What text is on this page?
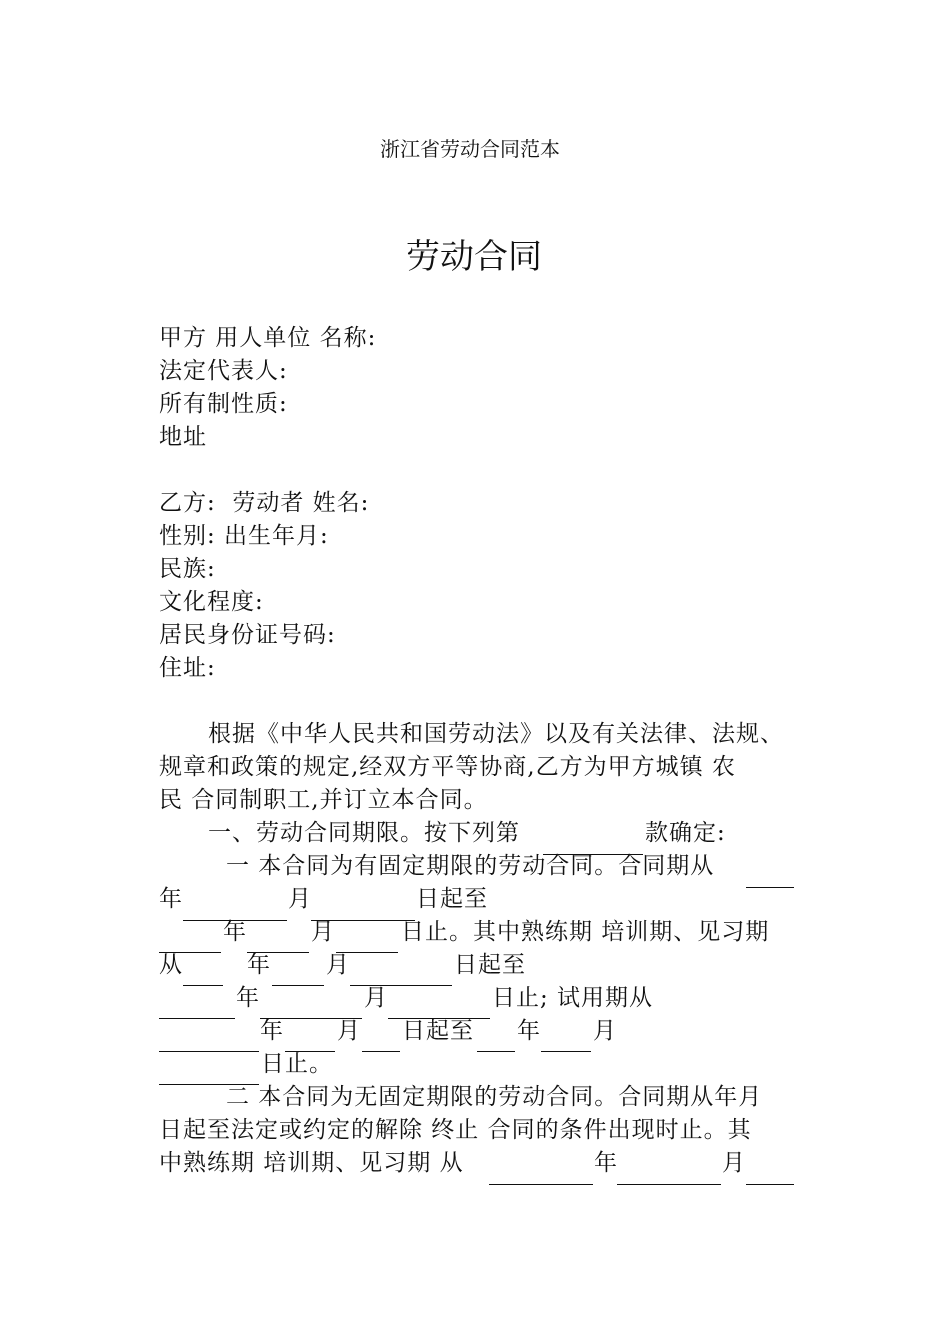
浙江省劳动合同范本
劳动合同
甲方 用人单位 名称:
法定代表人:
所有制性质:
地址
乙方:  劳动者 姓名:
性别: 出生年月:
民族:
文化程度:
居民身份证号码:
住址:
根据《中华人民共和国劳动法》以及有关法律、法规、
规章和政策的规定,经双方平等协商,乙方为甲方城镇 农
民 合同制职工,并订立本合同。
一、劳动合同期限。按下列第	款确定:
一 本合同为有固定期限的劳动合同。合同期从
年	月	日起至
年	月	日止。其中熟练期 培训期、见习期
从	年 月	日起至
年	月	日止; 试用期从
年 月 日起至 年 月
日止。
二 本合同为无固定期限的劳动合同。合同期从年月
日起至法定或约定的解除 终止 合同的条件出现时止。其
中熟练期 培训期、见习期 从	年	月
